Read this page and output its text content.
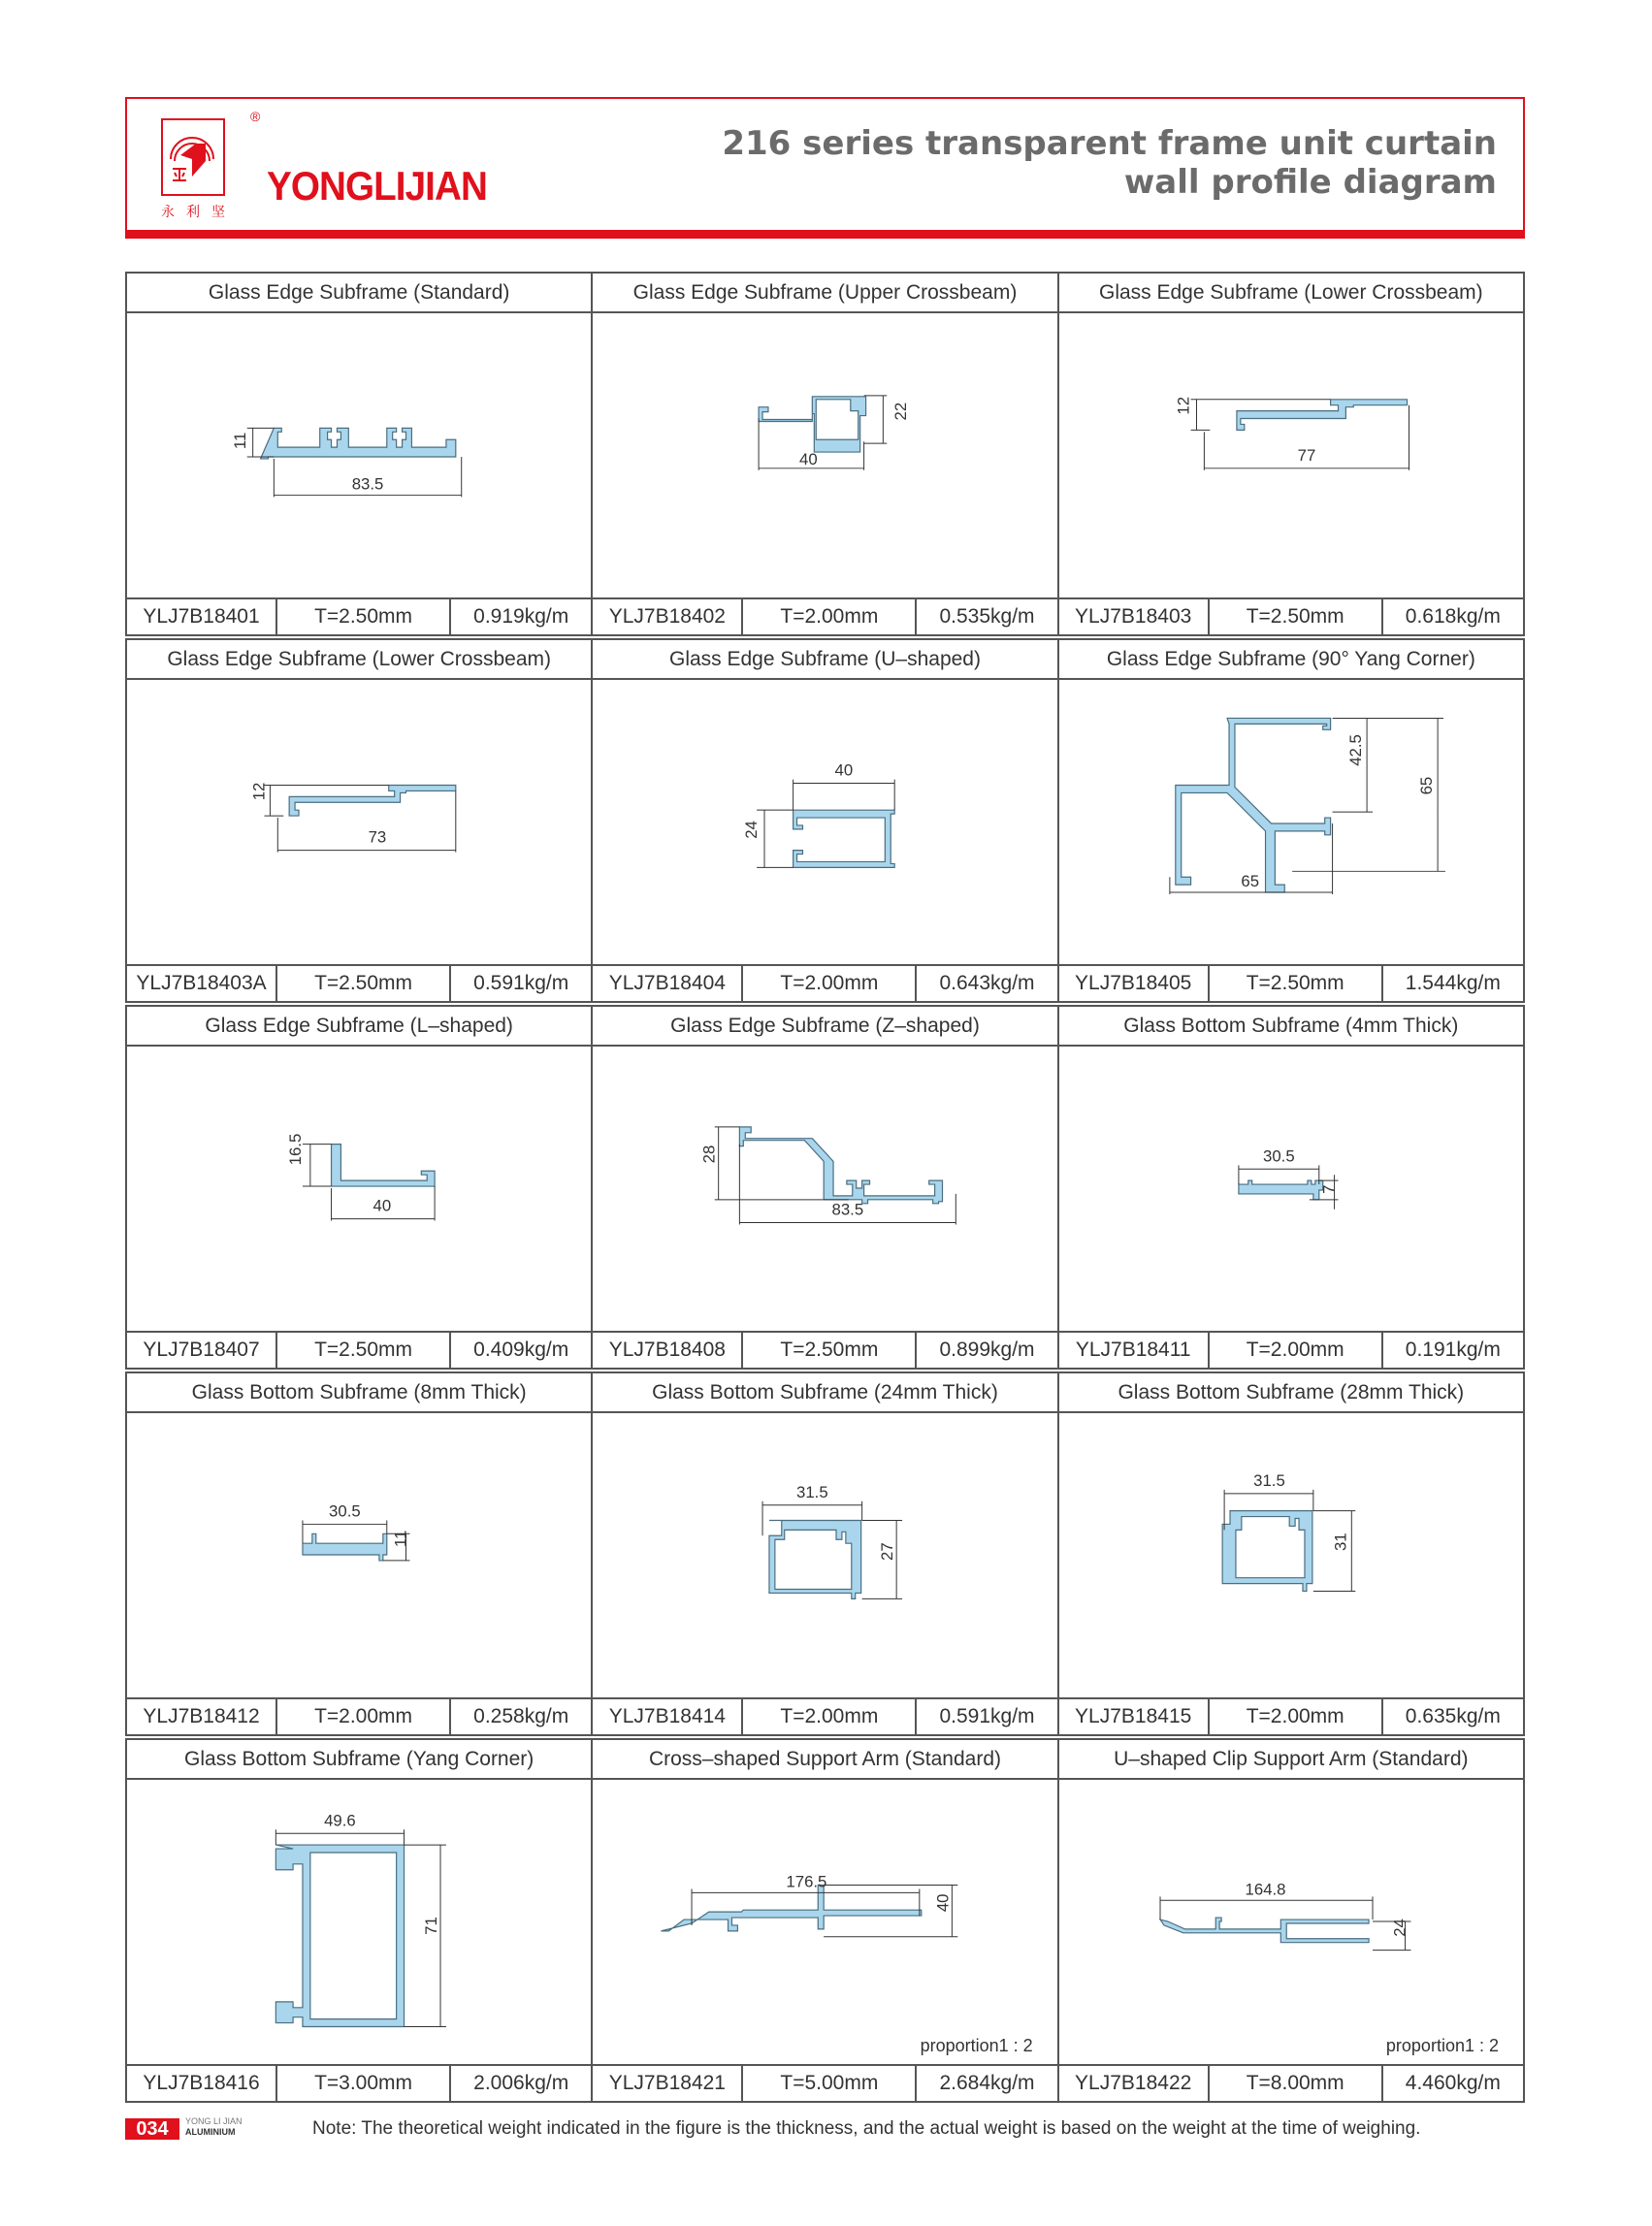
®
永利坚
YONGLIJIAN
216 series transparent frame unit curtain
wall profile diagram
Glass Edge Subframe (Standard)
11
83.5
YLJ7B18401	T=2.50mm	0.919kg/m
Glass Edge Subframe (Upper Crossbeam)
40
22
YLJ7B18402	T=2.00mm	0.535kg/m
Glass Edge Subframe (Lower Crossbeam)
12
77
YLJ7B18403	T=2.50mm	0.618kg/m
Glass Edge Subframe (Lower Crossbeam)
12
73
YLJ7B18403A	T=2.50mm	0.591kg/m
Glass Edge Subframe (U–shaped)
40
24
YLJ7B18404	T=2.00mm	0.643kg/m
Glass Edge Subframe (90° Yang Corner)
42.5
65
65
YLJ7B18405	T=2.50mm	1.544kg/m
Glass Edge Subframe (L–shaped)
16.5
40
YLJ7B18407	T=2.50mm	0.409kg/m
Glass Edge Subframe (Z–shaped)
28
83.5
YLJ7B18408	T=2.50mm	0.899kg/m
Glass Bottom Subframe (4mm Thick)
30.5
7
YLJ7B18411	T=2.00mm	0.191kg/m
Glass Bottom Subframe (8mm Thick)
30.5
11
YLJ7B18412	T=2.00mm	0.258kg/m
Glass Bottom Subframe (24mm Thick)
31.5
27
YLJ7B18414	T=2.00mm	0.591kg/m
Glass Bottom Subframe (28mm Thick)
31.5
31
YLJ7B18415	T=2.00mm	0.635kg/m
Glass Bottom Subframe (Yang Corner)
49.6
71
YLJ7B18416	T=3.00mm	2.006kg/m
Cross–shaped Support Arm (Standard)
176.5
40
proportion1 : 2
YLJ7B18421	T=5.00mm	2.684kg/m
U–shaped Clip Support Arm (Standard)
164.8
24
proportion1 : 2
YLJ7B18422	T=8.00mm	4.460kg/m
034	YONG LI JIAN
ALUMINIUM	Note: The theoretical weight indicated in the figure is the thickness, and the actual weight is based on the weight at the time of weighing.
